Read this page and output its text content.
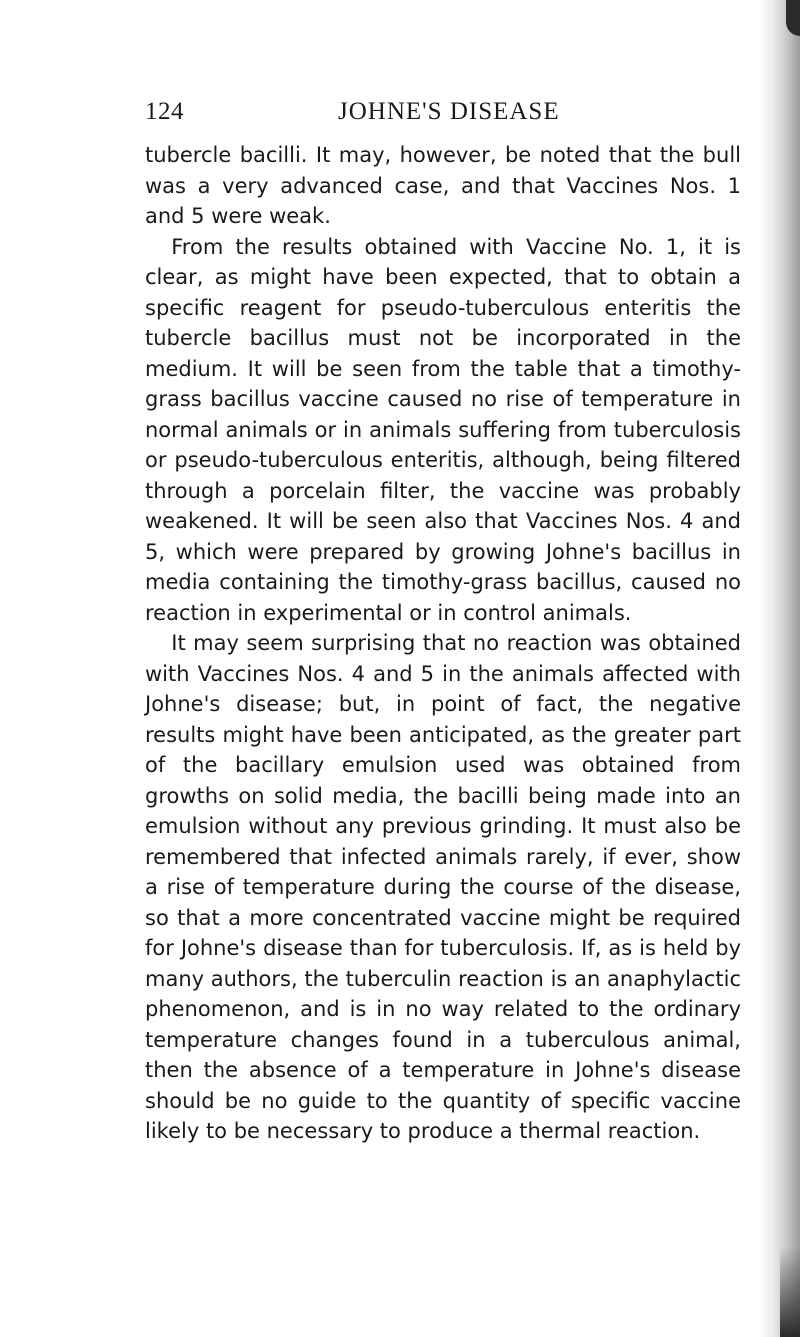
124	JOHNE'S DISEASE

tubercle bacilli. It may, however, be noted that the bull was a very advanced case, and that Vaccines Nos. 1 and 5 were weak.

From the results obtained with Vaccine No. 1, it is clear, as might have been expected, that to obtain a specific reagent for pseudo-tuberculous enteritis the tubercle bacillus must not be incorporated in the medium. It will be seen from the table that a timothy-grass bacillus vaccine caused no rise of temperature in normal animals or in animals suffering from tuberculosis or pseudo-tuberculous enteritis, although, being filtered through a porcelain filter, the vaccine was probably weakened. It will be seen also that Vaccines Nos. 4 and 5, which were prepared by growing Johne's bacillus in media containing the timothy-grass bacillus, caused no reaction in experimental or in control animals.

It may seem surprising that no reaction was obtained with Vaccines Nos. 4 and 5 in the animals affected with Johne's disease; but, in point of fact, the negative results might have been anticipated, as the greater part of the bacillary emulsion used was obtained from growths on solid media, the bacilli being made into an emulsion without any previous grinding. It must also be remembered that infected animals rarely, if ever, show a rise of temperature during the course of the disease, so that a more concentrated vaccine might be required for Johne's disease than for tuberculosis. If, as is held by many authors, the tuberculin reaction is an anaphylactic phenomenon, and is in no way related to the ordinary temperature changes found in a tuberculous animal, then the absence of a temperature in Johne's disease should be no guide to the quantity of specific vaccine likely to be necessary to produce a thermal reaction.
